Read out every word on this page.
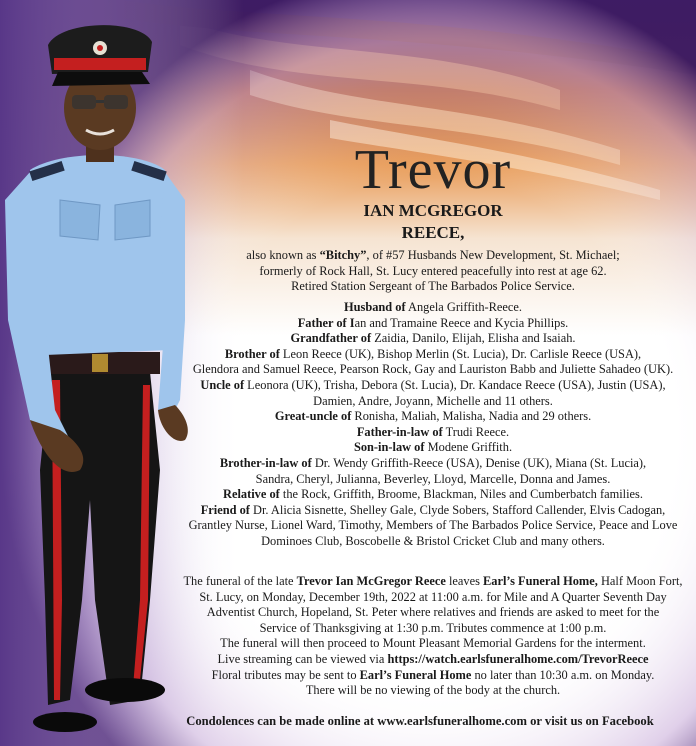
Trevor
IAN MCGREGOR
REECE,
also known as “Bitchy”, of #57 Husbands New Development, St. Michael;
formerly of Rock Hall, St. Lucy entered peacefully into rest at age 62.
Retired Station Sergeant of The Barbados Police Service.
Husband of Angela Griffith-Reece.
Father of Ian and Tramaine Reece and Kycia Phillips.
Grandfather of Zaidia, Danilo, Elijah, Elisha and Isaiah.
Brother of Leon Reece (UK), Bishop Merlin (St. Lucia), Dr. Carlisle Reece (USA),
Glendora and Samuel Reece, Pearson Rock, Gay and Lauriston Babb and Juliette Sahadeo (UK).
Uncle of Leonora (UK), Trisha, Debora (St. Lucia), Dr. Kandace Reece (USA), Justin (USA),
Damien, Andre, Joyann, Michelle and 11 others.
Great-uncle of Ronisha, Maliah, Malisha, Nadia and 29 others.
Father-in-law of Trudi Reece.
Son-in-law of Modene Griffith.
Brother-in-law of Dr. Wendy Griffith-Reece (USA), Denise (UK), Miana (St. Lucia),
Sandra, Cheryl, Julianna, Beverley, Lloyd, Marcelle, Donna and James.
Relative of the Rock, Griffith, Broome, Blackman, Niles and Cumberbatch families.
Friend of Dr. Alicia Sisnette, Shelley Gale, Clyde Sobers, Stafford Callender, Elvis Cadogan,
Grantley Nurse, Lionel Ward, Timothy, Members of The Barbados Police Service, Peace and Love
Dominoes Club, Boscobelle & Bristol Cricket Club and many others.
The funeral of the late Trevor Ian McGregor Reece leaves Earl’s Funeral Home, Half Moon Fort,
St. Lucy, on Monday, December 19th, 2022 at 11:00 a.m. for Mile and A Quarter Seventh Day
Adventist Church, Hopeland, St. Peter where relatives and friends are asked to meet for the
Service of Thanksgiving at 1:30 p.m. Tributes commence at 1:00 p.m.
The funeral will then proceed to Mount Pleasant Memorial Gardens for the interment.
Live streaming can be viewed via https://watch.earlsfuneralhome.com/TrevorReece
Floral tributes may be sent to Earl’s Funeral Home no later than 10:30 a.m. on Monday.
There will be no viewing of the body at the church.
Condolences can be made online at www.earlsfuneralhome.com or visit us on Facebook
